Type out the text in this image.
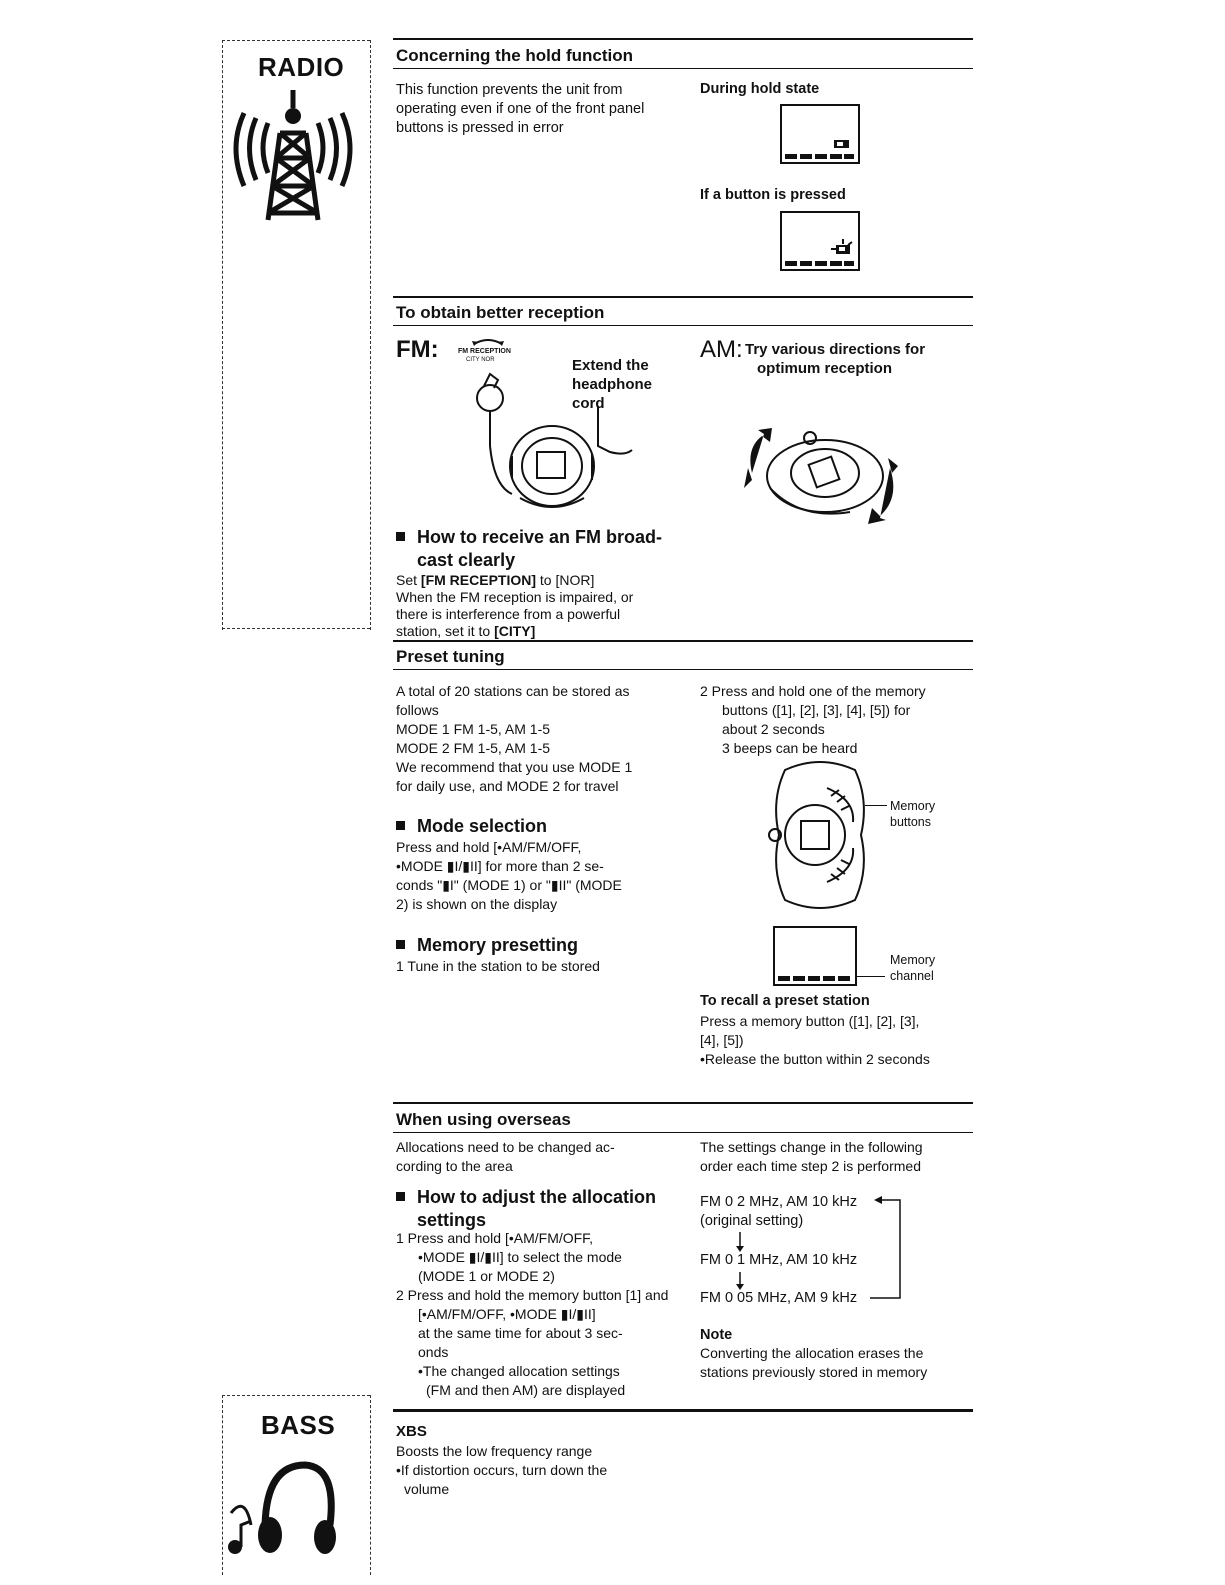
RADIO
BASS
Concerning the hold function

This function prevents the unit from

operating even if one of the front panel

buttons is pressed in error

During hold state
If a button is pressed
To obtain better reception
FM:	FM RECEPTION
CITY NOR	Extend the

headphone

cord

AM: Try various directions for

optimum reception

How to receive an FM broad-
cast clearly

Set [FM RECEPTION] to [NOR]

When the FM reception is impaired, or

there is interference from a powerful

station, set it to [CITY]

Preset tuning

A total of 20 stations can be stored as

follows

MODE 1 FM 1-5, AM 1-5

MODE 2 FM 1-5, AM 1-5

We recommend that you use MODE 1

for daily use, and MODE 2 for travel

Mode selection

Press and hold [•AM/FM/OFF,

•MODE ▮I/▮II] for more than 2 se-

conds "▮I" (MODE 1) or "▮II" (MODE

2) is shown on the display

Memory presetting
1 Tune in the station to be stored

2 Press and hold one of the memory

buttons ([1], [2], [3], [4], [5]) for

about 2 seconds

3 beeps can be heard

Memory

buttons

Memory

channel

To recall a preset station

Press a memory button ([1], [2], [3],

[4], [5])

•Release the button within 2 seconds

When using overseas

Allocations need to be changed ac-

cording to the area

How to adjust the allocation
settings

1 Press and hold [•AM/FM/OFF,

•MODE ▮I/▮II] to select the mode

(MODE 1 or MODE 2)

2 Press and hold the memory button [1] and

[•AM/FM/OFF, •MODE ▮I/▮II]

at the same time for about 3 sec-

onds

•The changed allocation settings

(FM and then AM) are displayed

The settings change in the following

order each time step 2 is performed

FM 0 2 MHz, AM 10 kHz
(original setting)
FM 0 1 MHz, AM 10 kHz
FM 0 05 MHz, AM 9 kHz
Note

Converting the allocation erases the

stations previously stored in memory

XBS

Boosts the low frequency range

•If distortion occurs, turn down the

volume
